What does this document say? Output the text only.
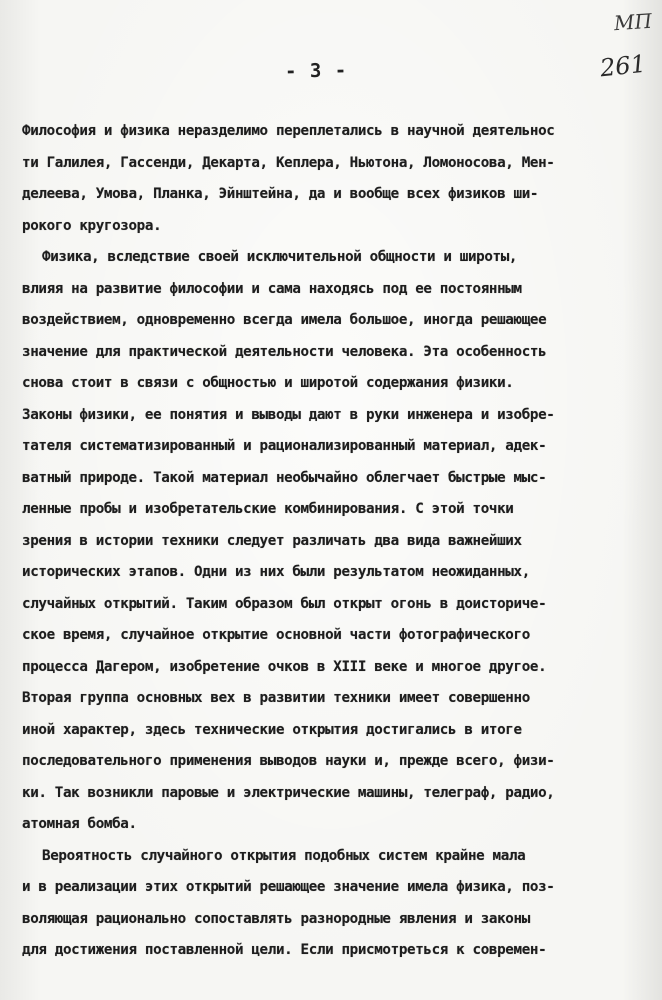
МП
261
- 3 -
Философия и физика неразделимо переплетались в научной деятельнос
ти Галилея, Гассенди, Декарта, Кеплера, Ньютона, Ломоносова, Мен-
делеева, Умова, Планка, Эйнштейна, да и вообще всех физиков ши-
рокого кругозора.
Физика, вследствие своей исключительной общности и широты,
влияя на развитие философии и сама находясь под ее постоянным
воздействием, одновременно всегда имела большое, иногда решающее
значение для практической деятельности человека. Эта особенность
снова стоит в связи с общностью и широтой содержания физики.
Законы физики, ее понятия и выводы дают в руки инженера и изобре-
тателя систематизированный и рационализированный материал, адек-
ватный природе. Такой материал необычайно облегчает быстрые мыс-
ленные пробы и изобретательские комбинирования. С этой точки
зрения в истории техники следует различать два вида важнейших
исторических этапов. Одни из них были результатом неожиданных,
случайных открытий. Таким образом был открыт огонь в доисториче-
ское время, случайное открытие основной части фотографического
процесса Дагером, изобретение очков в XIII веке и многое другое.
Вторая группа основных вех в развитии техники имеет совершенно
иной характер, здесь технические открытия достигались в итоге
последовательного применения выводов науки и, прежде всего, физи-
ки. Так возникли паровые и электрические машины, телеграф, радио,
атомная бомба.
Вероятность случайного открытия подобных систем крайне мала
и в реализации этих открытий решающее значение имела физика, поз-
воляющая рационально сопоставлять разнородные явления и законы
для достижения поставленной цели. Если присмотреться к современ-
